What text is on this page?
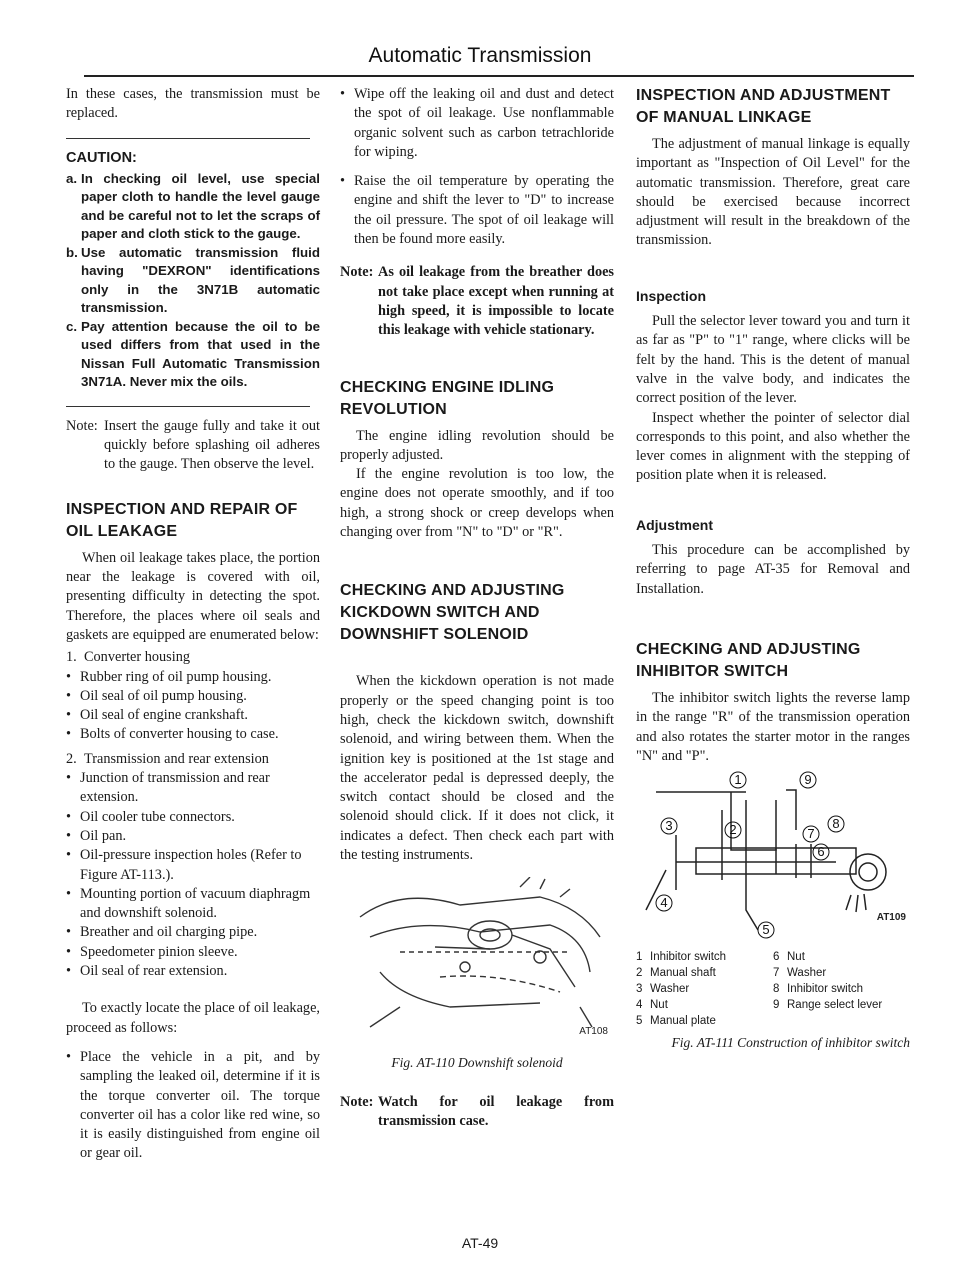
Automatic Transmission

In these cases, the transmission must be replaced.

CAUTION:
a. In checking oil level, use special paper cloth to handle the level gauge and be careful not to let the scraps of paper and cloth stick to the gauge.
b. Use automatic transmission fluid having "DEXRON" identifications only in the 3N71B automatic transmission.
c. Pay attention because the oil to be used differs from that used in the Nissan Full Automatic Transmission 3N71A. Never mix the oils.
Note: Insert the gauge fully and take it out quickly before splashing oil adheres to the gauge. Then observe the level.
INSPECTION AND REPAIR OF OIL LEAKAGE

When oil leakage takes place, the portion near the leakage is covered with oil, presenting difficulty in detecting the spot. Therefore, the places where oil seals and gaskets are equipped are enumerated below:

1. Converter housing
• Rubber ring of oil pump housing.
• Oil seal of oil pump housing.
• Oil seal of engine crankshaft.
• Bolts of converter housing to case.
2. Transmission and rear extension
• Junction of transmission and rear extension.
• Oil cooler tube connectors.
• Oil pan.
• Oil-pressure inspection holes (Refer to Figure AT-113.).
• Mounting portion of vacuum diaphragm and downshift solenoid.
• Breather and oil charging pipe.
• Speedometer pinion sleeve.
• Oil seal of rear extension.

To exactly locate the place of oil leakage, proceed as follows:

• Place the vehicle in a pit, and by sampling the leaked oil, determine if it is the torque converter oil. The torque converter oil has a color like red wine, so it is easily distinguished from engine oil or gear oil.
• Wipe off the leaking oil and dust and detect the spot of oil leakage. Use nonflammable organic solvent such as carbon tetrachloride for wiping.
• Raise the oil temperature by operating the engine and shift the lever to "D" to increase the oil pressure. The spot of oil leakage will then be found more easily.
Note: As oil leakage from the breather does not take place except when running at high speed, it is impossible to locate this leakage with vehicle stationary.
CHECKING ENGINE IDLING REVOLUTION

The engine idling revolution should be properly adjusted.

If the engine revolution is too low, the engine does not operate smoothly, and if too high, a strong shock or creep develops when changing over from "N" to "D" or "R".

CHECKING AND ADJUSTING KICKDOWN SWITCH AND DOWNSHIFT SOLENOID

When the kickdown operation is not made properly or the speed changing point is too high, check the kickdown switch, downshift solenoid, and wiring between them. When the ignition key is positioned at the 1st stage and the accelerator pedal is depressed deeply, the switch contact should be closed and the solenoid should click. If it does not click, it indicates a defect. Then check each part with the testing instruments.

AT108
Fig. AT-110 Downshift solenoid
Note: Watch for oil leakage from transmission case.
INSPECTION AND ADJUSTMENT OF MANUAL LINKAGE

The adjustment of manual linkage is equally important as "Inspection of Oil Level" for the automatic transmission. Therefore, great care should be exercised because incorrect adjustment will result in the breakdown of the transmission.

Inspection

Pull the selector lever toward you and turn it as far as "P" to "1" range, where clicks will be felt by the hand. This is the detent of manual valve in the valve body, and indicates the correct position of the lever.

Inspect whether the pointer of selector dial corresponds to this point, and also whether the lever comes in alignment with the stepping of position plate when it is released.

Adjustment

This procedure can be accomplished by referring to page AT-35 for Removal and Installation.

CHECKING AND ADJUSTING INHIBITOR SWITCH

The inhibitor switch lights the reverse lamp in the range "R" of the transmission operation and also rotates the starter motor in the ranges "N" and "P".

1
2
3
4
5
6
7
8
9
AT109
1 Inhibitor switch	6 Nut
2 Manual shaft	7 Washer
3 Washer	8 Inhibitor switch
4 Nut	9 Range select lever
5 Manual plate
Fig. AT-111 Construction of inhibitor switch
AT-49
